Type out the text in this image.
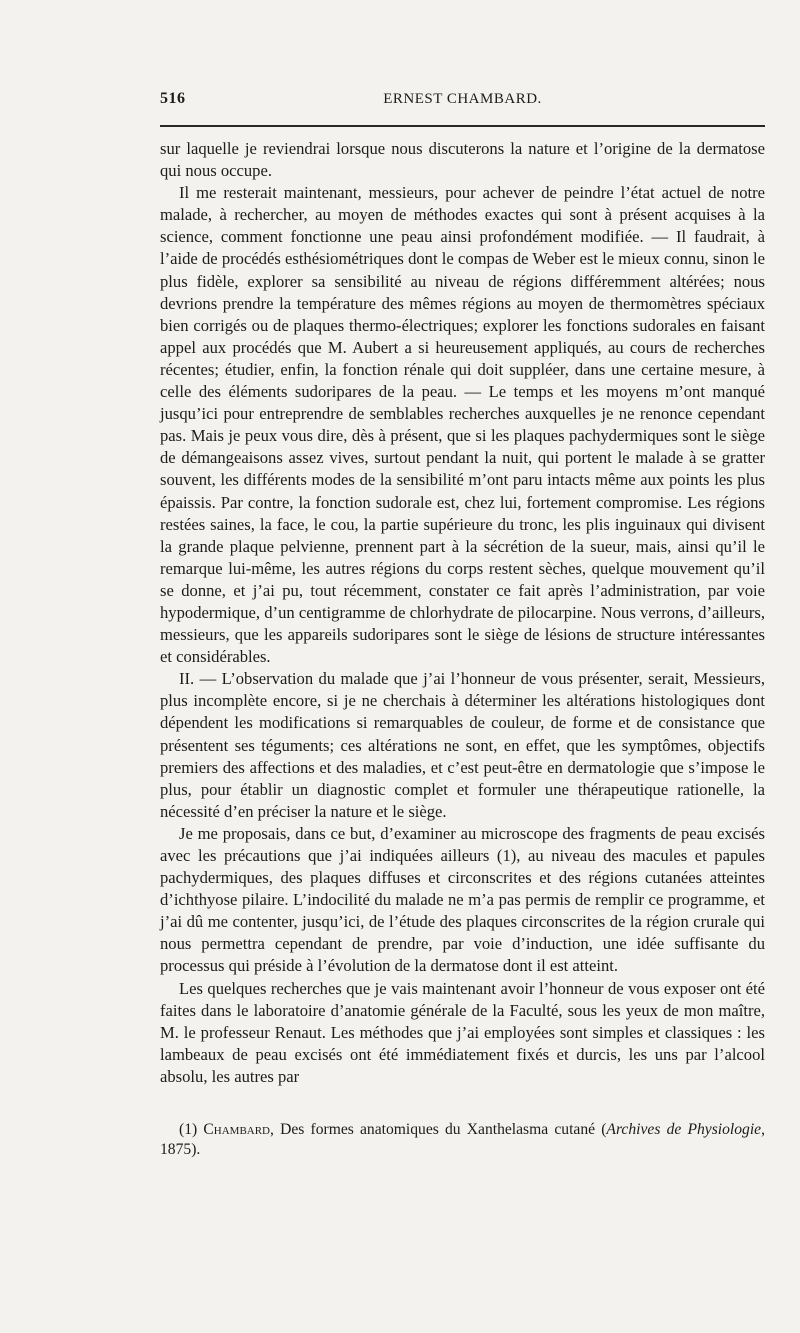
516	ERNEST CHAMBARD.

sur laquelle je reviendrai lorsque nous discuterons la nature et l’origine de la dermatose qui nous occupe.

Il me resterait maintenant, messieurs, pour achever de peindre l’état actuel de notre malade, à rechercher, au moyen de méthodes exactes qui sont à présent acquises à la science, comment fonctionne une peau ainsi profondément modifiée. — Il faudrait, à l’aide de procédés esthésiométriques dont le compas de Weber est le mieux connu, sinon le plus fidèle, explorer sa sensibilité au niveau de régions différemment altérées; nous devrions prendre la température des mêmes régions au moyen de thermomètres spéciaux bien corrigés ou de plaques thermo-électriques; explorer les fonctions sudorales en faisant appel aux procédés que M. Aubert a si heureusement appliqués, au cours de recherches récentes; étudier, enfin, la fonction rénale qui doit suppléer, dans une certaine mesure, à celle des éléments sudoripares de la peau. — Le temps et les moyens m’ont manqué jusqu’ici pour entreprendre de semblables recherches auxquelles je ne renonce cependant pas. Mais je peux vous dire, dès à présent, que si les plaques pachydermiques sont le siège de démangeaisons assez vives, surtout pendant la nuit, qui portent le malade à se gratter souvent, les différents modes de la sensibilité m’ont paru intacts même aux points les plus épaissis. Par contre, la fonction sudorale est, chez lui, fortement compromise. Les régions restées saines, la face, le cou, la partie supérieure du tronc, les plis inguinaux qui divisent la grande plaque pelvienne, prennent part à la sécrétion de la sueur, mais, ainsi qu’il le remarque lui-même, les autres régions du corps restent sèches, quelque mouvement qu’il se donne, et j’ai pu, tout récemment, constater ce fait après l’administration, par voie hypodermique, d’un centigramme de chlorhydrate de pilocarpine. Nous verrons, d’ailleurs, messieurs, que les appareils sudoripares sont le siège de lésions de structure intéressantes et considérables.

II. — L’observation du malade que j’ai l’honneur de vous présenter, serait, Messieurs, plus incomplète encore, si je ne cherchais à déterminer les altérations histologiques dont dépendent les modifications si remarquables de couleur, de forme et de consistance que présentent ses téguments; ces altérations ne sont, en effet, que les symptômes, objectifs premiers des affections et des maladies, et c’est peut-être en dermatologie que s’impose le plus, pour établir un diagnostic complet et formuler une thérapeutique rationelle, la nécessité d’en préciser la nature et le siège.

Je me proposais, dans ce but, d’examiner au microscope des fragments de peau excisés avec les précautions que j’ai indiquées ailleurs (1), au niveau des macules et papules pachydermiques, des plaques diffuses et circonscrites et des régions cutanées atteintes d’ichthyose pilaire. L’indocilité du malade ne m’a pas permis de remplir ce programme, et j’ai dû me contenter, jusqu’ici, de l’étude des plaques circonscrites de la région crurale qui nous permettra cependant de prendre, par voie d’induction, une idée suffisante du processus qui préside à l’évolution de la dermatose dont il est atteint.

Les quelques recherches que je vais maintenant avoir l’honneur de vous exposer ont été faites dans le laboratoire d’anatomie générale de la Faculté, sous les yeux de mon maître, M. le professeur Renaut. Les méthodes que j’ai employées sont simples et classiques : les lambeaux de peau excisés ont été immédiatement fixés et durcis, les uns par l’alcool absolu, les autres par

(1) Chambard, Des formes anatomiques du Xanthelasma cutané (Archives de Physiologie, 1875).
